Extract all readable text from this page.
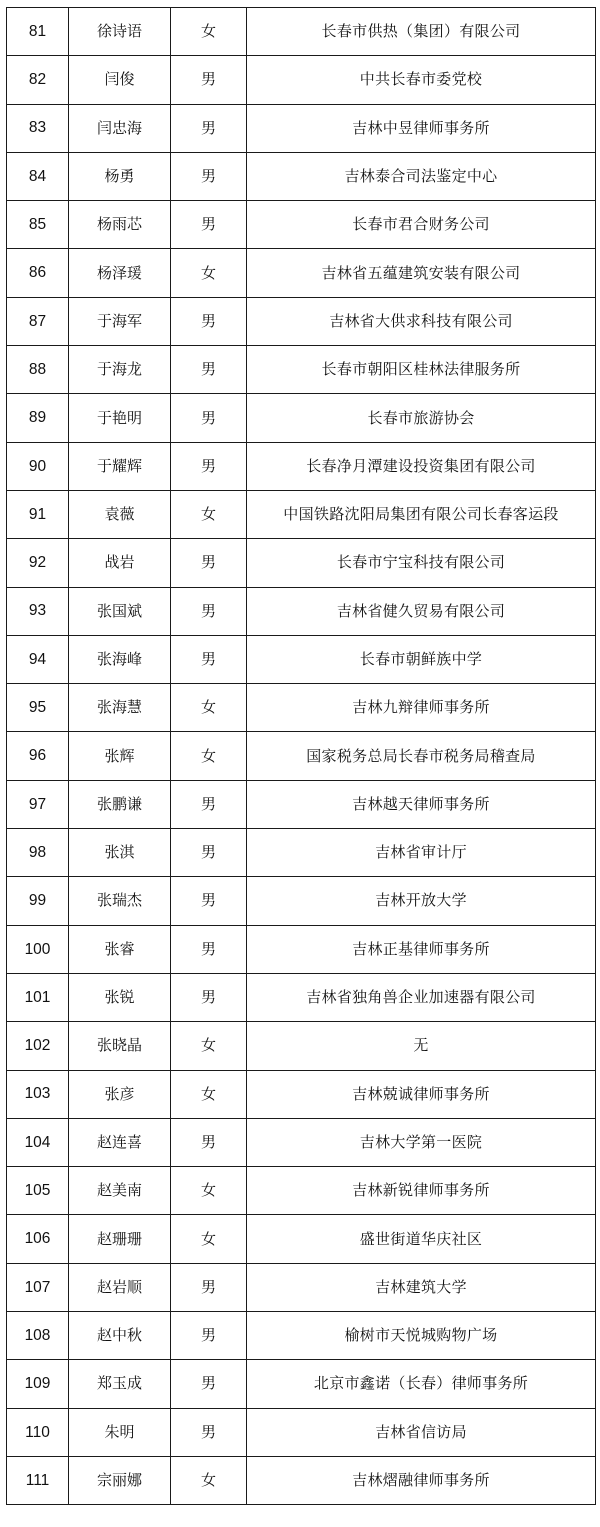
81	徐诗语	女	长春市供热（集团）有限公司
82	闫俊	男	中共长春市委党校
83	闫忠海	男	吉林中昱律师事务所
84	杨勇	男	吉林泰合司法鉴定中心
85	杨雨芯	男	长春市君合财务公司
86	杨泽瑗	女	吉林省五蕴建筑安装有限公司
87	于海军	男	吉林省大供求科技有限公司
88	于海龙	男	长春市朝阳区桂林法律服务所
89	于艳明	男	长春市旅游协会
90	于耀辉	男	长春净月潭建设投资集团有限公司
91	袁薇	女	中国铁路沈阳局集团有限公司长春客运段
92	战岩	男	长春市宁宝科技有限公司
93	张国斌	男	吉林省健久贸易有限公司
94	张海峰	男	长春市朝鲜族中学
95	张海慧	女	吉林九辩律师事务所
96	张辉	女	国家税务总局长春市税务局稽查局
97	张鹏谦	男	吉林越天律师事务所
98	张淇	男	吉林省审计厅
99	张瑞杰	男	吉林开放大学
100	张睿	男	吉林正基律师事务所
101	张锐	男	吉林省独角兽企业加速器有限公司
102	张晓晶	女	无
103	张彦	女	吉林兢诚律师事务所
104	赵连喜	男	吉林大学第一医院
105	赵美南	女	吉林新锐律师事务所
106	赵珊珊	女	盛世街道华庆社区
107	赵岩顺	男	吉林建筑大学
108	赵中秋	男	榆树市天悦城购物广场
109	郑玉成	男	北京市鑫诺（长春）律师事务所
110	朱明	男	吉林省信访局
111	宗丽娜	女	吉林熠融律师事务所
